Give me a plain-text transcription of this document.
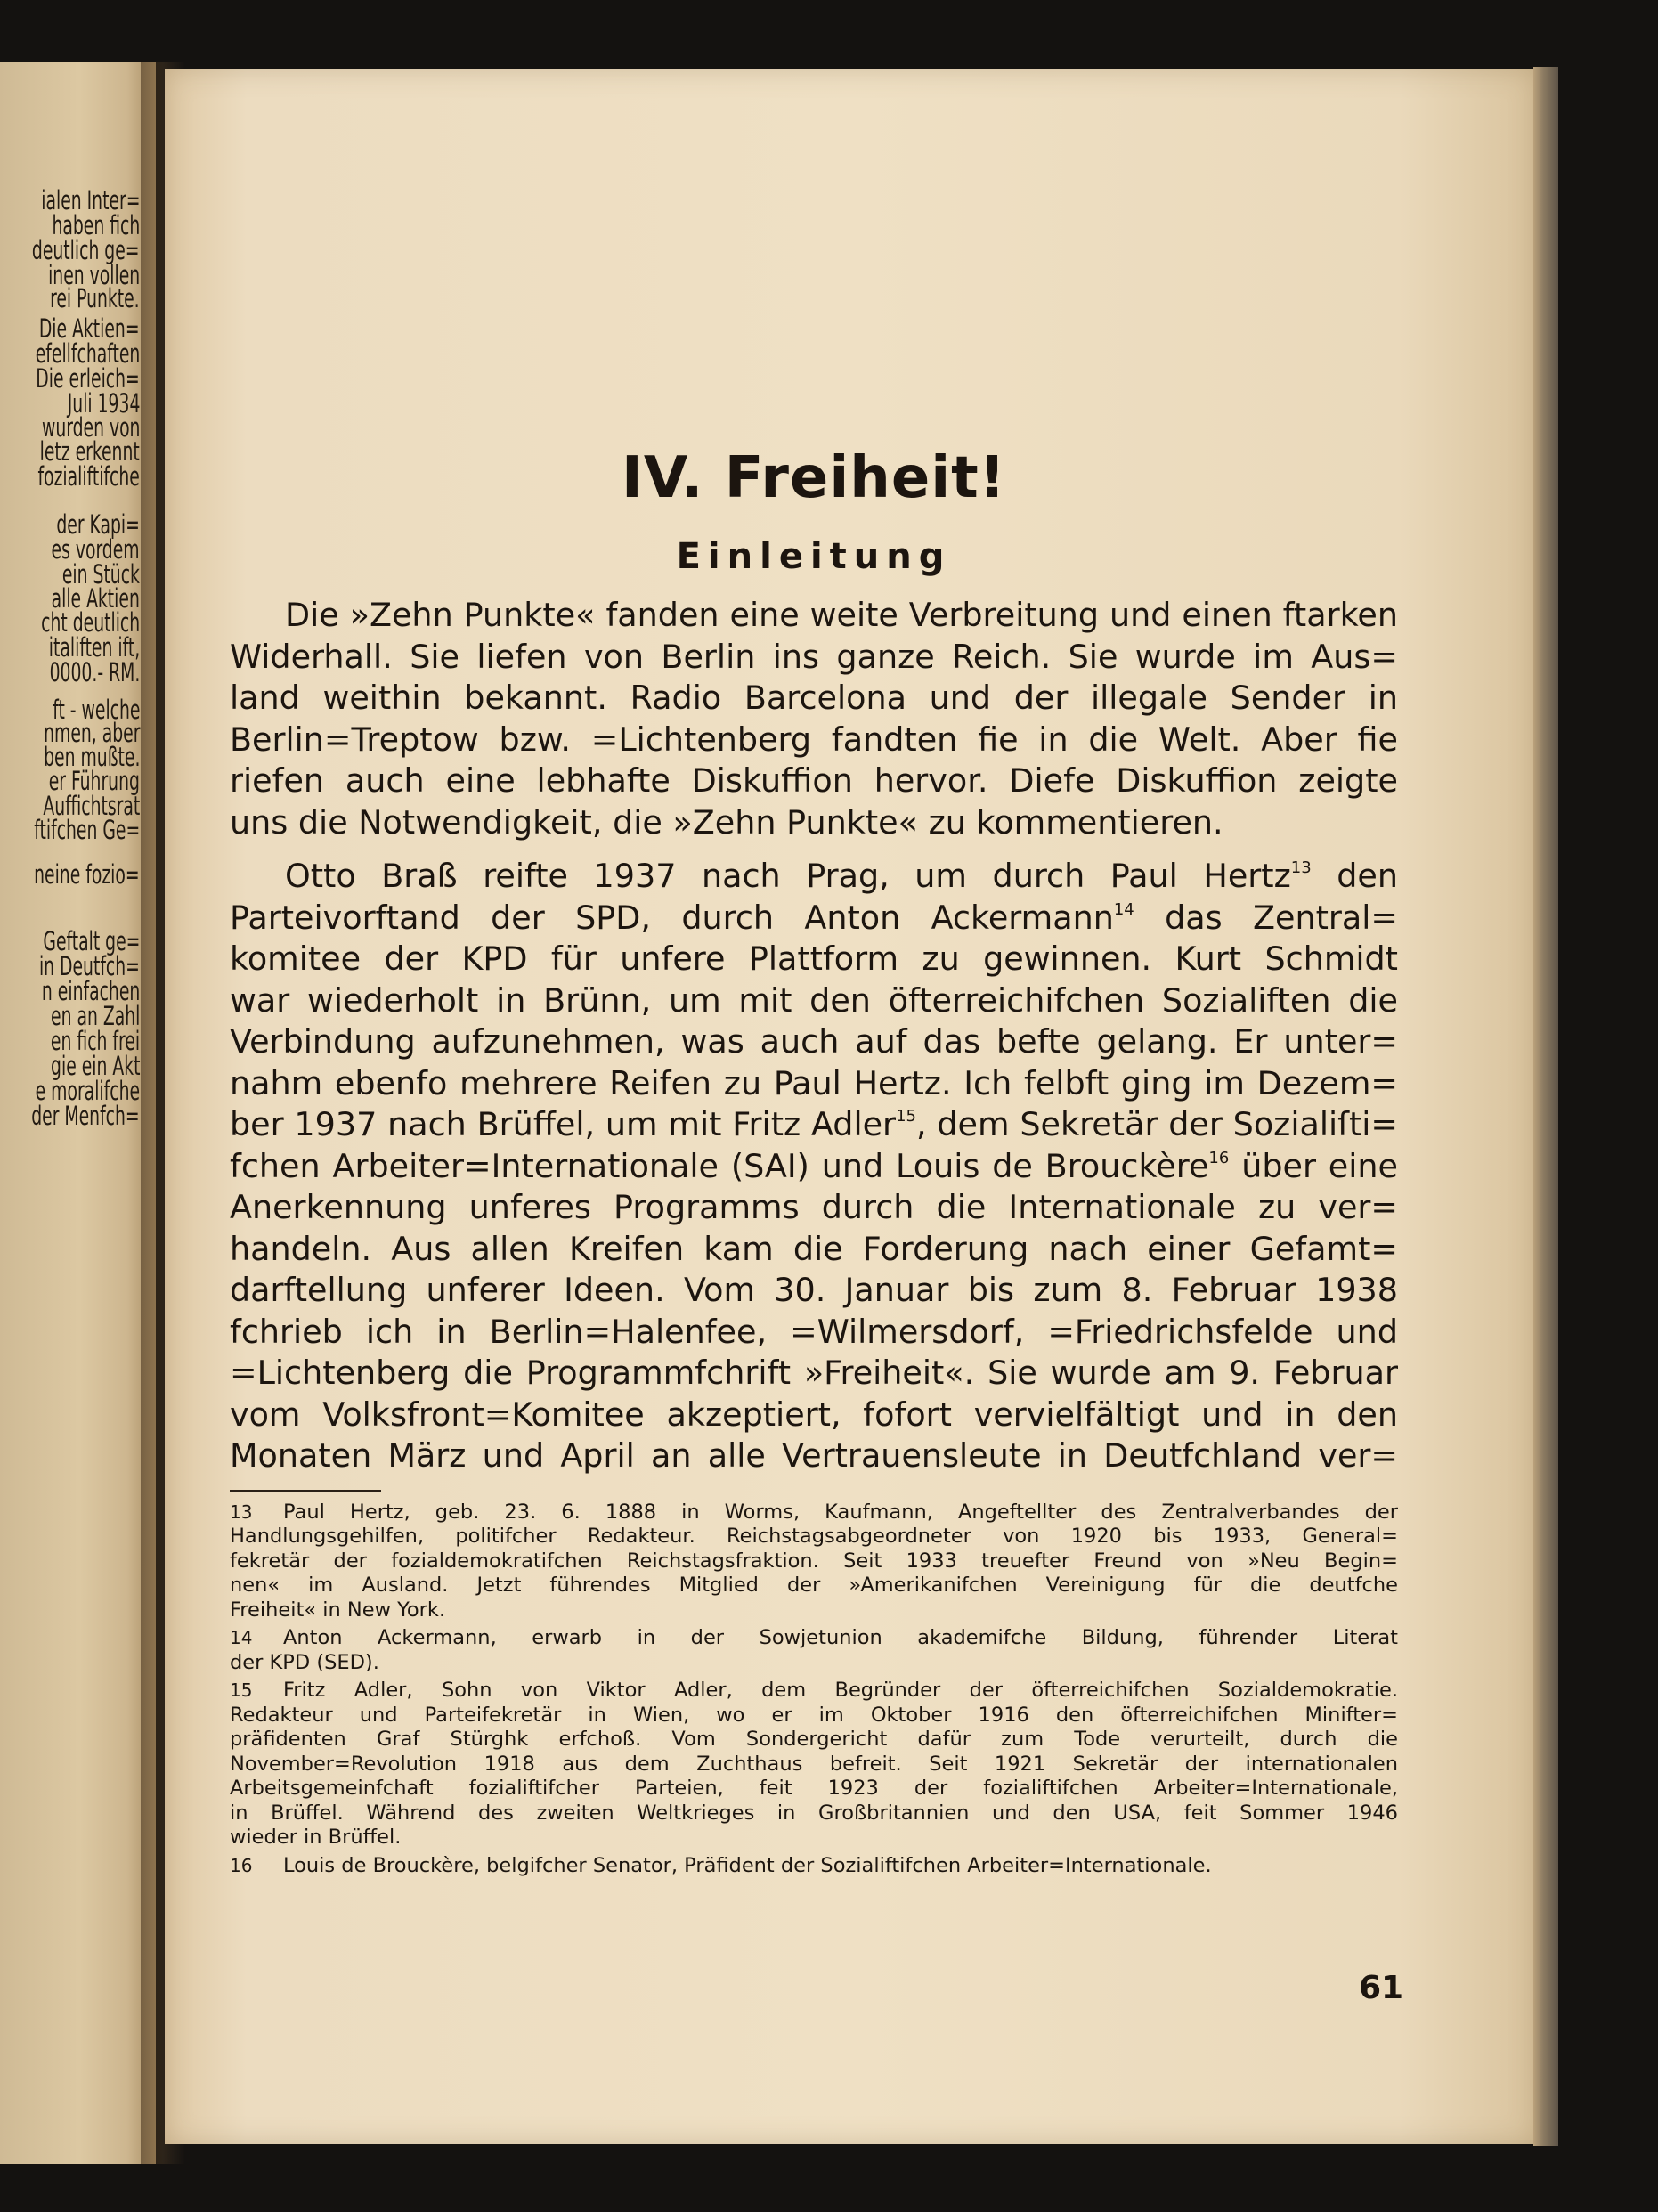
ialen Inter=
haben fich
deutlich ge=
inen vollen
rei Punkte.
Die Aktien=
efellfchaften
Die erleich=
Juli 1934
wurden von
letz erkennt
fozialiftifche
der Kapi=
es vordem
ein Stück
alle Aktien
cht deutlich
italiften ift,
0000.- RM.
ft - welche
nmen, aber
ben mußte.
er Führung
Auffichtsrat
ftifchen Ge=
neine fozio=
Geftalt ge=
in Deutfch=
n einfachen
en an Zahl
en fich frei
gie ein Akt
e moralifche
der Menfch=
IV. Freiheit!
Einleitung

Die »Zehn Punkte« fanden eine weite Verbreitung und einen ftarken
Widerhall. Sie liefen von Berlin ins ganze Reich. Sie wurde im Aus=
land weithin bekannt. Radio Barcelona und der illegale Sender in
Berlin=Treptow bzw. =Lichtenberg fandten fie in die Welt. Aber fie
riefen auch eine lebhafte Diskuffion hervor. Diefe Diskuffion zeigte
uns die Notwendigkeit, die »Zehn Punkte« zu kommentieren.

Otto Braß reifte 1937 nach Prag, um durch Paul Hertz$^{13}$ den
Parteivorftand der SPD, durch Anton Ackermann$^{14}$ das Zentral=
komitee der KPD für unfere Plattform zu gewinnen. Kurt Schmidt
war wiederholt in Brünn, um mit den öfterreichifchen Sozialiften die
Verbindung aufzunehmen, was auch auf das befte gelang. Er unter=
nahm ebenfo mehrere Reifen zu Paul Hertz. Ich felbft ging im Dezem=
ber 1937 nach Brüffel, um mit Fritz Adler$^{15}$, dem Sekretär der Sozialiſti=
fchen Arbeiter=Internationale (SAI) und Louis de Brouckère$^{16}$ über eine
Anerkennung unferes Programms durch die Internationale zu ver=
handeln. Aus allen Kreifen kam die Forderung nach einer Gefamt=
darftellung unferer Ideen. Vom 30. Januar bis zum 8. Februar 1938
fchrieb ich in Berlin=Halenfee, =Wilmersdorf, =Friedrichsfelde und
=Lichtenberg die Programmfchrift »Freiheit«. Sie wurde am 9. Februar
vom Volksfront=Komitee akzeptiert, fofort vervielfältigt und in den
Monaten März und April an alle Vertrauensleute in Deutfchland ver=

13 Paul Hertz, geb. 23. 6. 1888 in Worms, Kaufmann, Angeftellter des Zentralverbandes der
Handlungsgehilfen, politifcher Redakteur. Reichstagsabgeordneter von 1920 bis 1933, General=
fekretär der fozialdemokratifchen Reichstagsfraktion. Seit 1933 treuefter Freund von »Neu Begin=
nen« im Ausland. Jetzt führendes Mitglied der »Amerikanifchen Vereinigung für die deutfche
Freiheit« in New York.
14 Anton Ackermann, erwarb in der Sowjetunion akademifche Bildung, führender Literat
der KPD (SED).
15 Fritz Adler, Sohn von Viktor Adler, dem Begründer der öfterreichifchen Sozialdemokratie.
Redakteur und Parteifekretär in Wien, wo er im Oktober 1916 den öfterreichifchen Minifter=
präfidenten Graf Stürghk erfchoß. Vom Sondergericht dafür zum Tode verurteilt, durch die
November=Revolution 1918 aus dem Zuchthaus befreit. Seit 1921 Sekretär der internationalen
Arbeitsgemeinfchaft fozialiftifcher Parteien, feit 1923 der fozialiftifchen Arbeiter=Internationale,
in Brüffel. Während des zweiten Weltkrieges in Großbritannien und den USA, feit Sommer 1946
wieder in Brüffel.
16 Louis de Brouckère, belgifcher Senator, Präfident der Sozialiftifchen Arbeiter=Internationale.
61
